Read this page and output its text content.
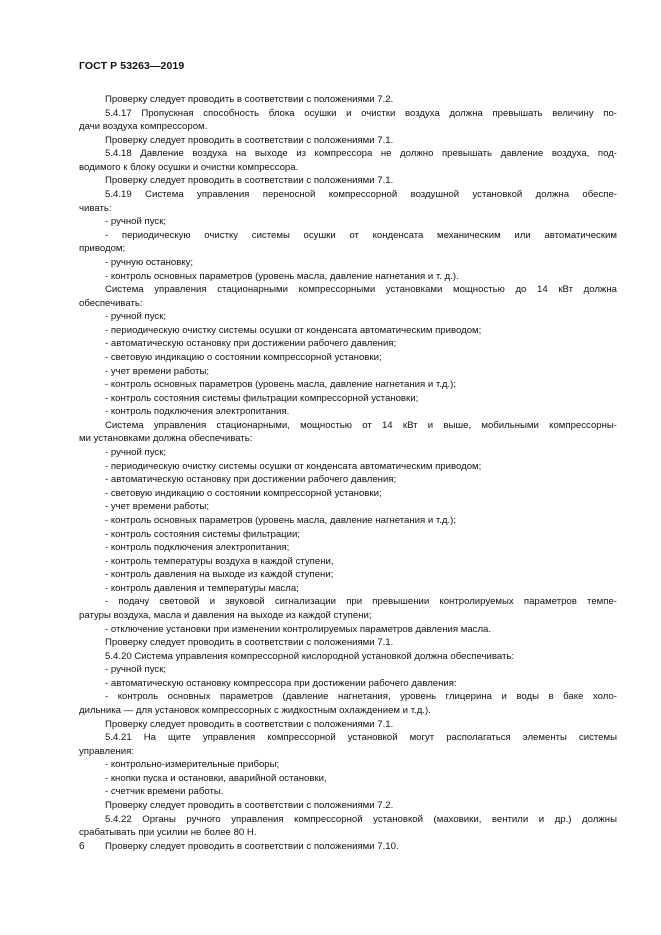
ГОСТ Р 53263—2019
Проверку следует проводить в соответствии с положениями 7.2.
5.4.17 Пропускная способность блока осушки и очистки воздуха должна превышать величину по-
дачи воздуха компрессором.
Проверку следует проводить в соответствии с положениями 7.1.
5.4.18 Давление воздуха на выходе из компрессора не должно превышать давление воздуха, под-
водимого к блоку осушки и очистки компрессора.
Проверку следует проводить в соответствии с положениями 7.1.
5.4.19 Система управления переносной компрессорной воздушной установкой должна обеспе-
чивать:
- ручной пуск;
- периодическую очистку системы осушки от конденсата механическим или автоматическим
приводом;
- ручную остановку;
- контроль основных параметров (уровень масла, давление нагнетания и т. д.).
Система управления стационарными компрессорными установками мощностью до 14 кВт должна
обеспечивать:
- ручной пуск;
- периодическую очистку системы осушки от конденсата автоматическим приводом;
- автоматическую остановку при достижении рабочего давления;
- световую индикацию о состоянии компрессорной установки;
- учет времени работы;
- контроль основных параметров (уровень масла, давление нагнетания и т.д.);
- контроль состояния системы фильтрации компрессорной установки;
- контроль подключения электропитания.
Система управления стационарными, мощностью от 14 кВт и выше, мобильными компрессорны-
ми установками должна обеспечивать:
- ручной пуск;
- периодическую очистку системы осушки от конденсата автоматическим приводом;
- автоматическую остановку при достижении рабочего давления;
- световую индикацию о состоянии компрессорной установки;
- учет времени работы;
- контроль основных параметров (уровень масла, давление нагнетания и т.д.);
- контроль состояния системы фильтрации;
- контроль подключения электропитания;
- контроль температуры воздуха в каждой ступени,
- контроль давления на выходе из каждой ступени;
- контроль давления и температуры масла;
- подачу световой и звуковой сигнализации при превышении контролируемых параметров темпе-
ратуры воздуха, масла и давления на выходе из каждой ступени;
- отключение установки при изменении контролируемых параметров давления масла.
Проверку следует проводить в соответствии с положениями 7.1.
5.4.20 Система управления компрессорной кислородной установкой должна обеспечивать:
- ручной пуск;
- автоматическую остановку компрессора при достижении рабочего давления:
- контроль основных параметров (давление нагнетания, уровень глицерина и воды в баке холо-
дильника — для установок компрессорных с жидкостным охлаждением и т.д.).
Проверку следует проводить в соответствии с положениями 7.1.
5.4.21 На щите управления компрессорной установкой могут располагаться элементы системы
управления:
- контрольно-измерительные приборы;
- кнопки пуска и остановки, аварийной остановки,
- счетчик времени работы.
Проверку следует проводить в соответствии с положениями 7.2.
5.4.22 Органы ручного управления компрессорной установкой (маховики, вентили и др.) должны
срабатывать при усилии не более 80 Н.
Проверку следует проводить в соответствии с положениями 7.10.
6
